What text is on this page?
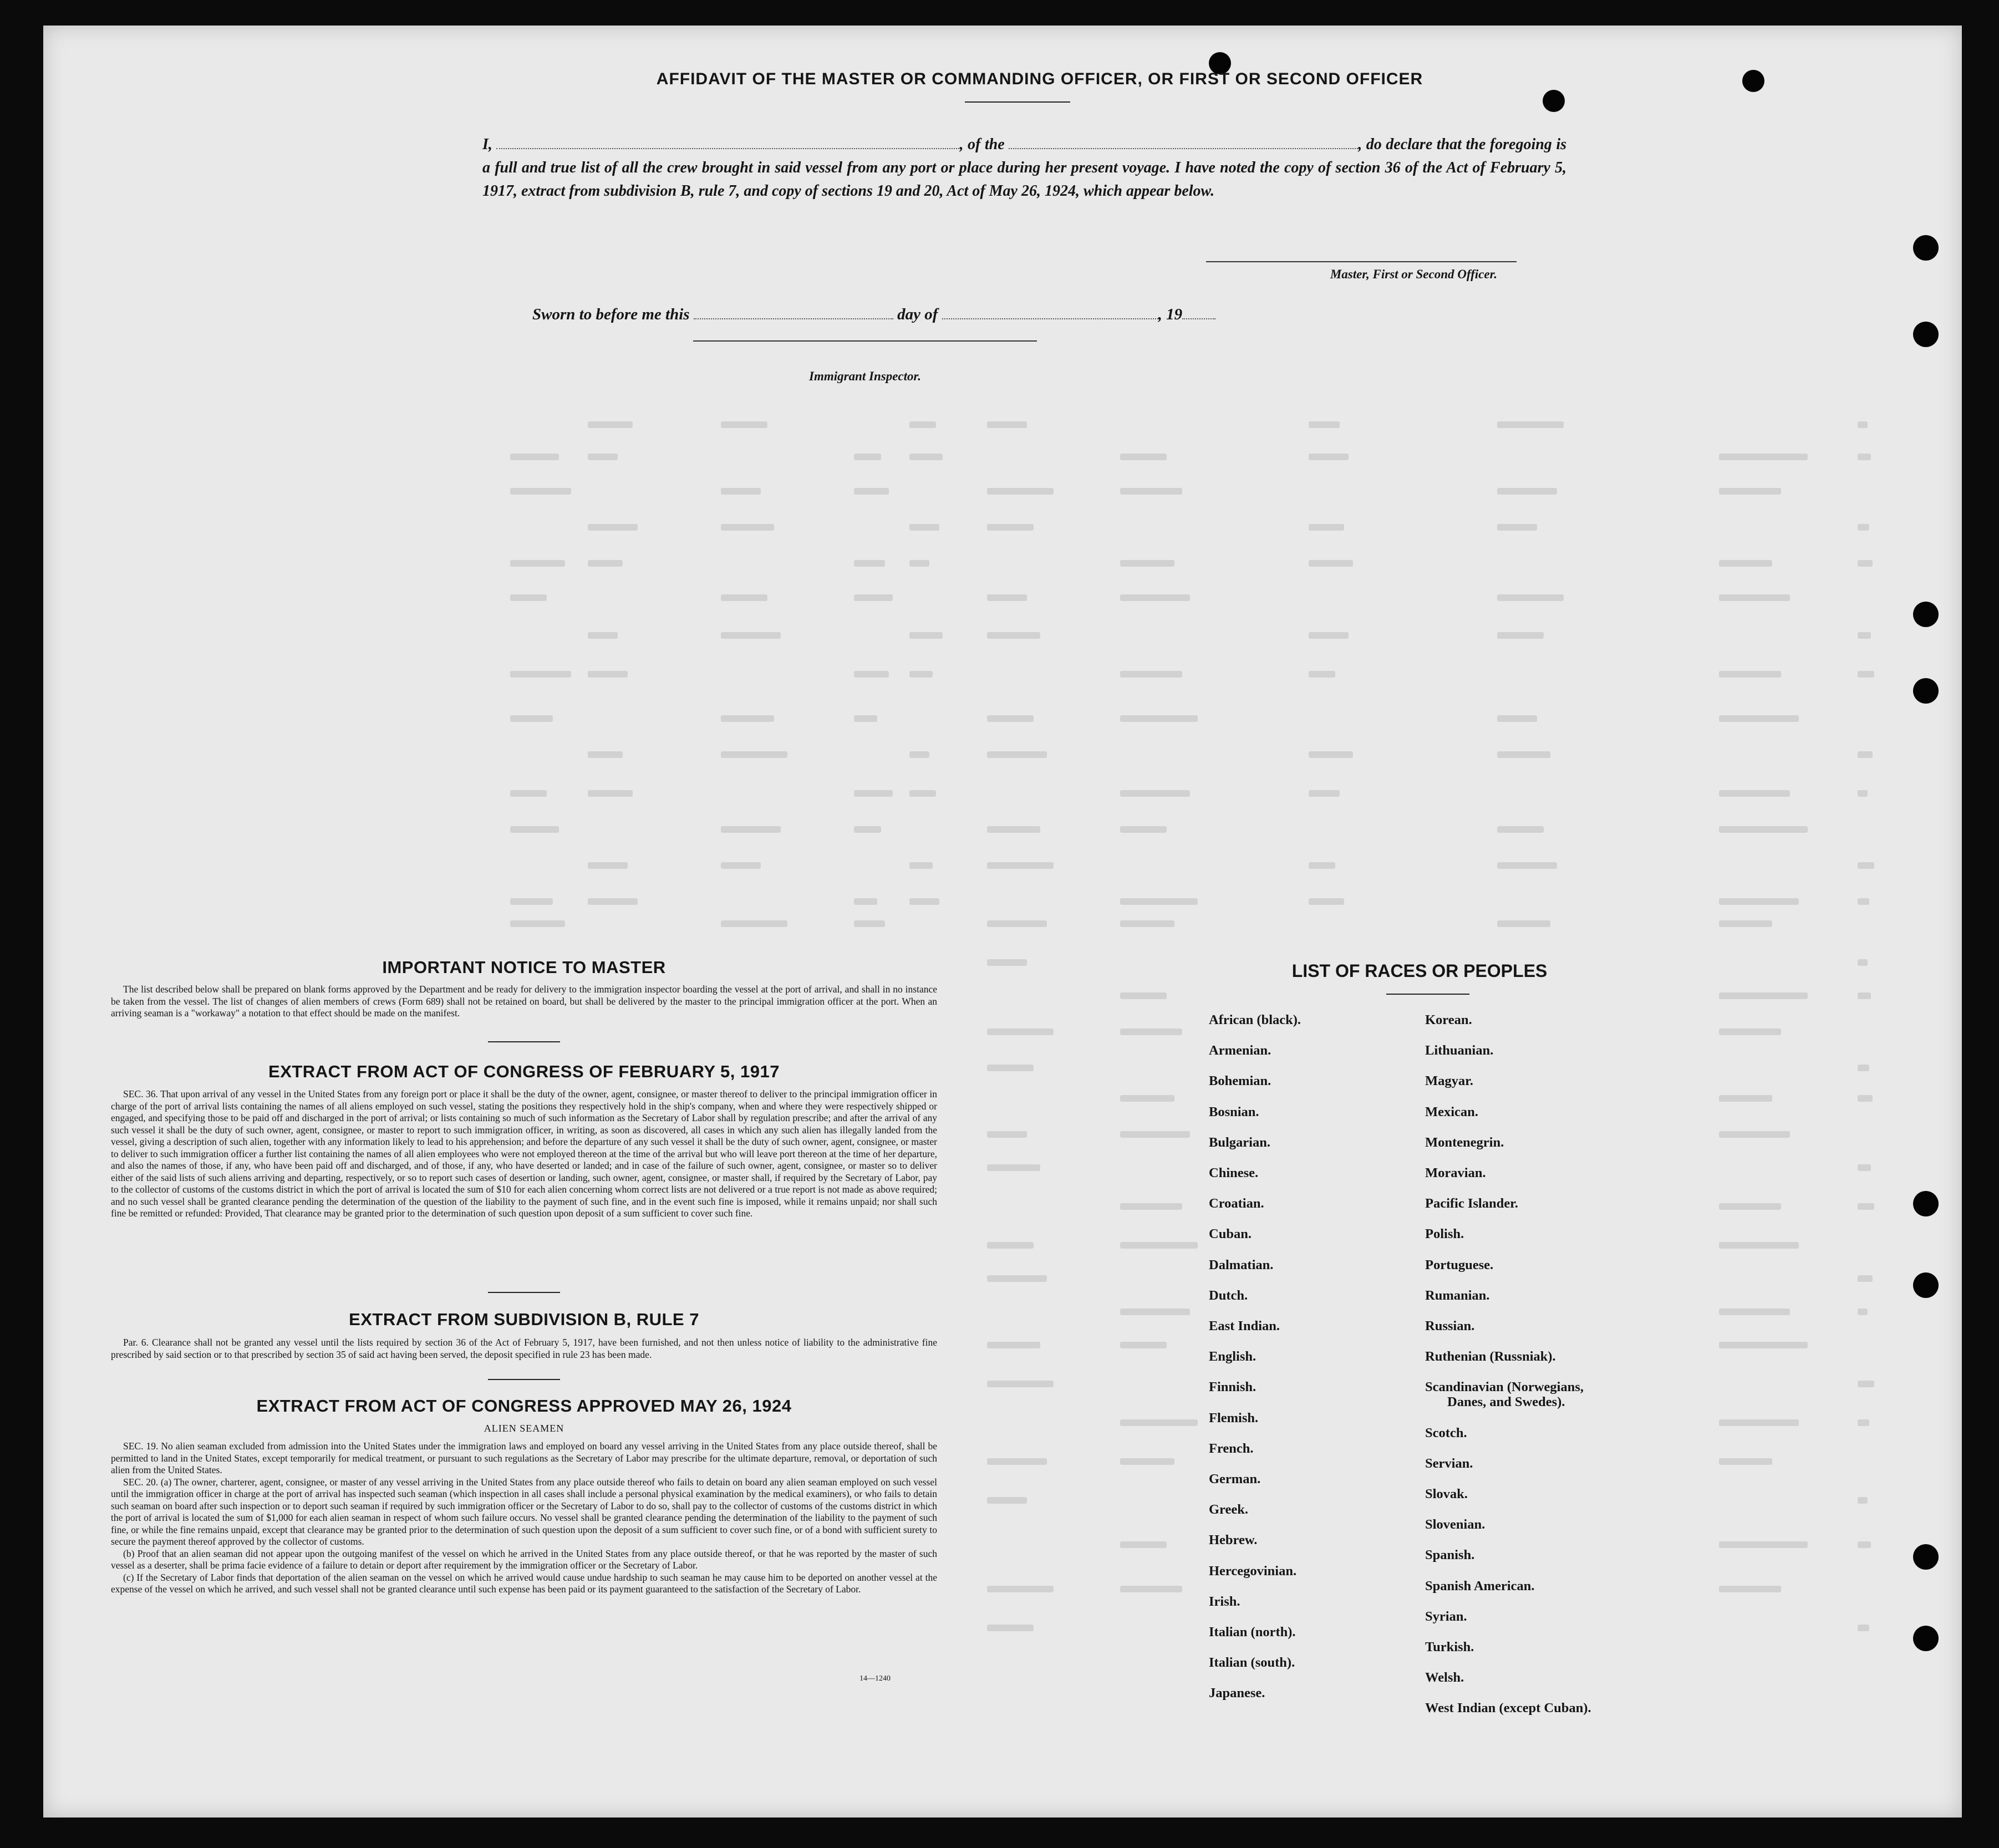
AFFIDAVIT OF THE MASTER OR COMMANDING OFFICER, OR FIRST OR SECOND OFFICER
I,	, of the	, do declare that the foregoing is a full and true list of all the crew brought in said vessel from any port or place during her present voyage. I have noted the copy of section 36 of the Act of February 5, 1917, extract from subdivision B, rule 7, and copy of sections 19 and 20, Act of May 26, 1924, which appear below.
Master, First or Second Officer.
Sworn to before me this	day of	, 19
Immigrant Inspector.
IMPORTANT NOTICE TO MASTER
The list described below shall be prepared on blank forms approved by the Department and be ready for delivery to the immigration inspector boarding the vessel at the port of arrival, and shall in no instance be taken from the vessel. The list of changes of alien members of crews (Form 689) shall not be retained on board, but shall be delivered by the master to the principal immigration officer at the port. When an arriving seaman is a "workaway" a notation to that effect should be made on the manifest.
EXTRACT FROM ACT OF CONGRESS OF FEBRUARY 5, 1917
SEC. 36. That upon arrival of any vessel in the United States from any foreign port or place it shall be the duty of the owner, agent, consignee, or master thereof to deliver to the principal immigration officer in charge of the port of arrival lists containing the names of all aliens employed on such vessel, stating the positions they respectively hold in the ship's company, when and where they were respectively shipped or engaged, and specifying those to be paid off and discharged in the port of arrival; or lists containing so much of such information as the Secretary of Labor shall by regulation prescribe; and after the arrival of any such vessel it shall be the duty of such owner, agent, consignee, or master to report to such immigration officer, in writing, as soon as discovered, all cases in which any such alien has illegally landed from the vessel, giving a description of such alien, together with any information likely to lead to his apprehension; and before the departure of any such vessel it shall be the duty of such owner, agent, consignee, or master to deliver to such immigration officer a further list containing the names of all alien employees who were not employed thereon at the time of the arrival but who will leave port thereon at the time of her departure, and also the names of those, if any, who have been paid off and discharged, and of those, if any, who have deserted or landed; and in case of the failure of such owner, agent, consignee, or master so to deliver either of the said lists of such aliens arriving and departing, respectively, or so to report such cases of desertion or landing, such owner, agent, consignee, or master shall, if required by the Secretary of Labor, pay to the collector of customs of the customs district in which the port of arrival is located the sum of $10 for each alien concerning whom correct lists are not delivered or a true report is not made as above required; and no such vessel shall be granted clearance pending the determination of the question of the liability to the payment of such fine, and in the event such fine is imposed, while it remains unpaid; nor shall such fine be remitted or refunded: Provided, That clearance may be granted prior to the determination of such question upon deposit of a sum sufficient to cover such fine.
EXTRACT FROM SUBDIVISION B, RULE 7
Par. 6. Clearance shall not be granted any vessel until the lists required by section 36 of the Act of February 5, 1917, have been furnished, and not then unless notice of liability to the administrative fine prescribed by said section or to that prescribed by section 35 of said act having been served, the deposit specified in rule 23 has been made.
EXTRACT FROM ACT OF CONGRESS APPROVED MAY 26, 1924
ALIEN SEAMEN

SEC. 19. No alien seaman excluded from admission into the United States under the immigration laws and employed on board any vessel arriving in the United States from any place outside thereof, shall be permitted to land in the United States, except temporarily for medical treatment, or pursuant to such regulations as the Secretary of Labor may prescribe for the ultimate departure, removal, or deportation of such alien from the United States.

SEC. 20. (a) The owner, charterer, agent, consignee, or master of any vessel arriving in the United States from any place outside thereof who fails to detain on board any alien seaman employed on such vessel until the immigration officer in charge at the port of arrival has inspected such seaman (which inspection in all cases shall include a personal physical examination by the medical examiners), or who fails to detain such seaman on board after such inspection or to deport such seaman if required by such immigration officer or the Secretary of Labor to do so, shall pay to the collector of customs of the customs district in which the port of arrival is located the sum of $1,000 for each alien seaman in respect of whom such failure occurs. No vessel shall be granted clearance pending the determination of the liability to the payment of such fine, or while the fine remains unpaid, except that clearance may be granted prior to the determination of such question upon the deposit of a sum sufficient to cover such fine, or of a bond with sufficient surety to secure the payment thereof approved by the collector of customs.

(b) Proof that an alien seaman did not appear upon the outgoing manifest of the vessel on which he arrived in the United States from any place outside thereof, or that he was reported by the master of such vessel as a deserter, shall be prima facie evidence of a failure to detain or deport after requirement by the immigration officer or the Secretary of Labor.

(c) If the Secretary of Labor finds that deportation of the alien seaman on the vessel on which he arrived would cause undue hardship to such seaman he may cause him to be deported on another vessel at the expense of the vessel on which he arrived, and such vessel shall not be granted clearance until such expense has been paid or its payment guaranteed to the satisfaction of the Secretary of Labor.

14—1240
LIST OF RACES OR PEOPLES
African (black).
Armenian.
Bohemian.
Bosnian.
Bulgarian.
Chinese.
Croatian.
Cuban.
Dalmatian.
Dutch.
East Indian.
English.
Finnish.
Flemish.
French.
German.
Greek.
Hebrew.
Hercegovinian.
Irish.
Italian (north).
Italian (south).
Japanese.
Korean.
Lithuanian.
Magyar.
Mexican.
Montenegrin.
Moravian.
Pacific Islander.
Polish.
Portuguese.
Rumanian.
Russian.
Ruthenian (Russniak).
Scandinavian (Norwegians,
Danes, and Swedes).
Scotch.
Servian.
Slovak.
Slovenian.
Spanish.
Spanish American.
Syrian.
Turkish.
Welsh.
West Indian (except Cuban).
